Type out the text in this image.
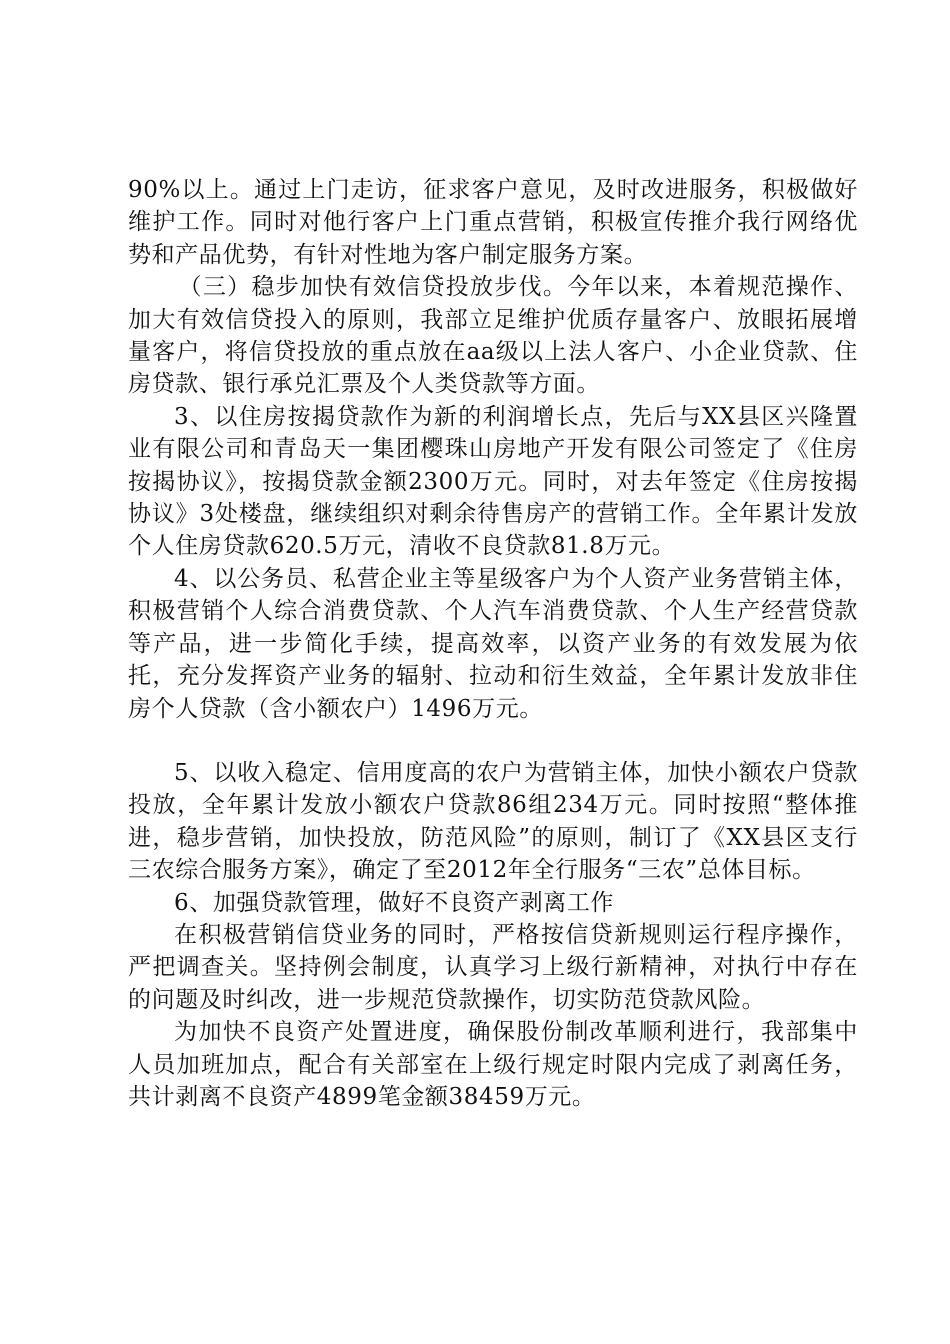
90%以上。通过上门走访，征求客户意见，及时改进服务，积极做好维护工作。同时对他行客户上门重点营销，积极宣传推介我行网络优势和产品优势，有针对性地为客户制定服务方案。

（三）稳步加快有效信贷投放步伐。今年以来，本着规范操作、加大有效信贷投入的原则，我部立足维护优质存量客户、放眼拓展增量客户，将信贷投放的重点放在aa级以上法人客户、小企业贷款、住房贷款、银行承兑汇票及个人类贷款等方面。

3、以住房按揭贷款作为新的利润增长点，先后与XX县区兴隆置业有限公司和青岛天一集团樱珠山房地产开发有限公司签定了《住房按揭协议》，按揭贷款金额2300万元。同时，对去年签定《住房按揭协议》3处楼盘，继续组织对剩余待售房产的营销工作。全年累计发放个人住房贷款620.5万元，清收不良贷款81.8万元。

4、以公务员、私营企业主等星级客户为个人资产业务营销主体，积极营销个人综合消费贷款、个人汽车消费贷款、个人生产经营贷款等产品，进一步简化手续，提高效率，以资产业务的有效发展为依托，充分发挥资产业务的辐射、拉动和衍生效益，全年累计发放非住房个人贷款（含小额农户）1496万元。

5、以收入稳定、信用度高的农户为营销主体，加快小额农户贷款投放，全年累计发放小额农户贷款86组234万元。同时按照“整体推进，稳步营销，加快投放，防范风险”的原则，制订了《XX县区支行三农综合服务方案》，确定了至2012年全行服务“三农”总体目标。

6、加强贷款管理，做好不良资产剥离工作

在积极营销信贷业务的同时，严格按信贷新规则运行程序操作，严把调查关。坚持例会制度，认真学习上级行新精神，对执行中存在的问题及时纠改，进一步规范贷款操作，切实防范贷款风险。

为加快不良资产处置进度，确保股份制改革顺利进行，我部集中人员加班加点，配合有关部室在上级行规定时限内完成了剥离任务，共计剥离不良资产4899笔金额38459万元。
